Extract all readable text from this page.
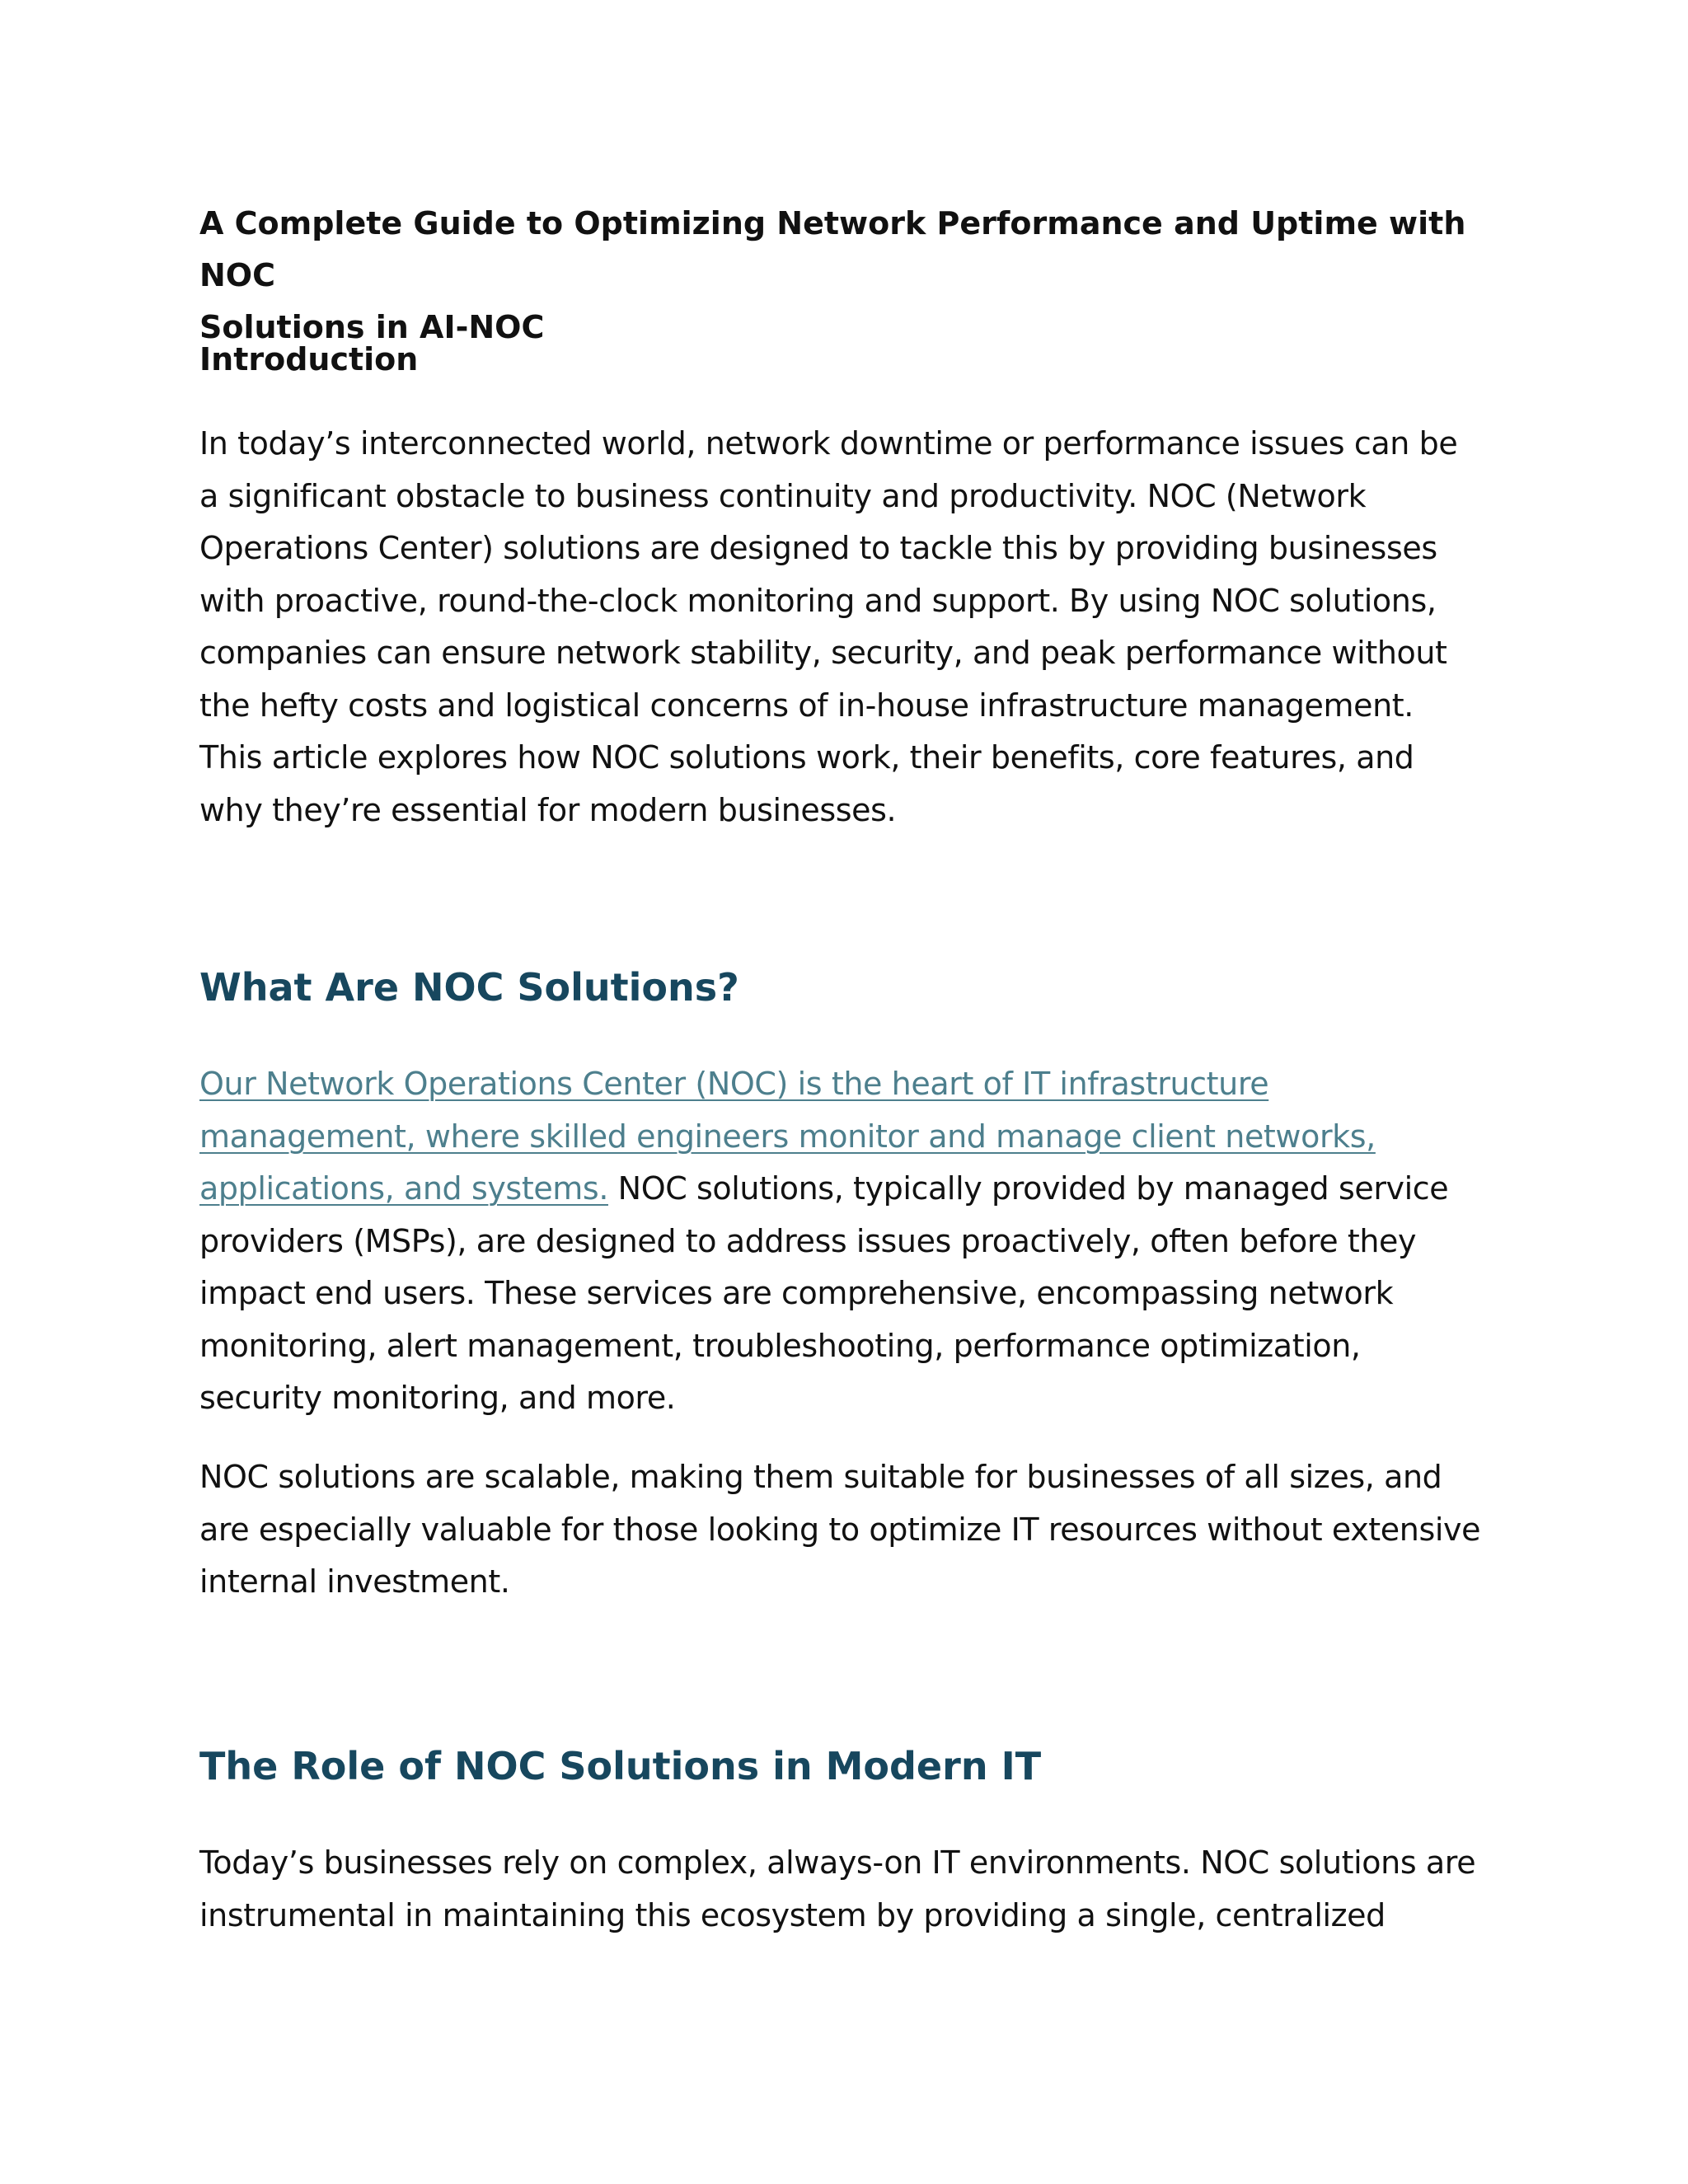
A Complete Guide to Optimizing Network Performance and Uptime with NOC
Solutions in AI-NOC
Introduction

In today’s interconnected world, network downtime or performance issues can be
a significant obstacle to business continuity and productivity. NOC (Network
Operations Center) solutions are designed to tackle this by providing businesses
with proactive, round-the-clock monitoring and support. By using NOC solutions,
companies can ensure network stability, security, and peak performance without
the hefty costs and logistical concerns of in-house infrastructure management.
This article explores how NOC solutions work, their benefits, core features, and
why they’re essential for modern businesses.

What Are NOC Solutions?

Our Network Operations Center (NOC) is the heart of IT infrastructure
management, where skilled engineers monitor and manage client networks,
applications, and systems. NOC solutions, typically provided by managed service
providers (MSPs), are designed to address issues proactively, often before they
impact end users. These services are comprehensive, encompassing network
monitoring, alert management, troubleshooting, performance optimization,
security monitoring, and more.

NOC solutions are scalable, making them suitable for businesses of all sizes, and
are especially valuable for those looking to optimize IT resources without extensive
internal investment.

The Role of NOC Solutions in Modern IT

Today’s businesses rely on complex, always-on IT environments. NOC solutions are
instrumental in maintaining this ecosystem by providing a single, centralized
